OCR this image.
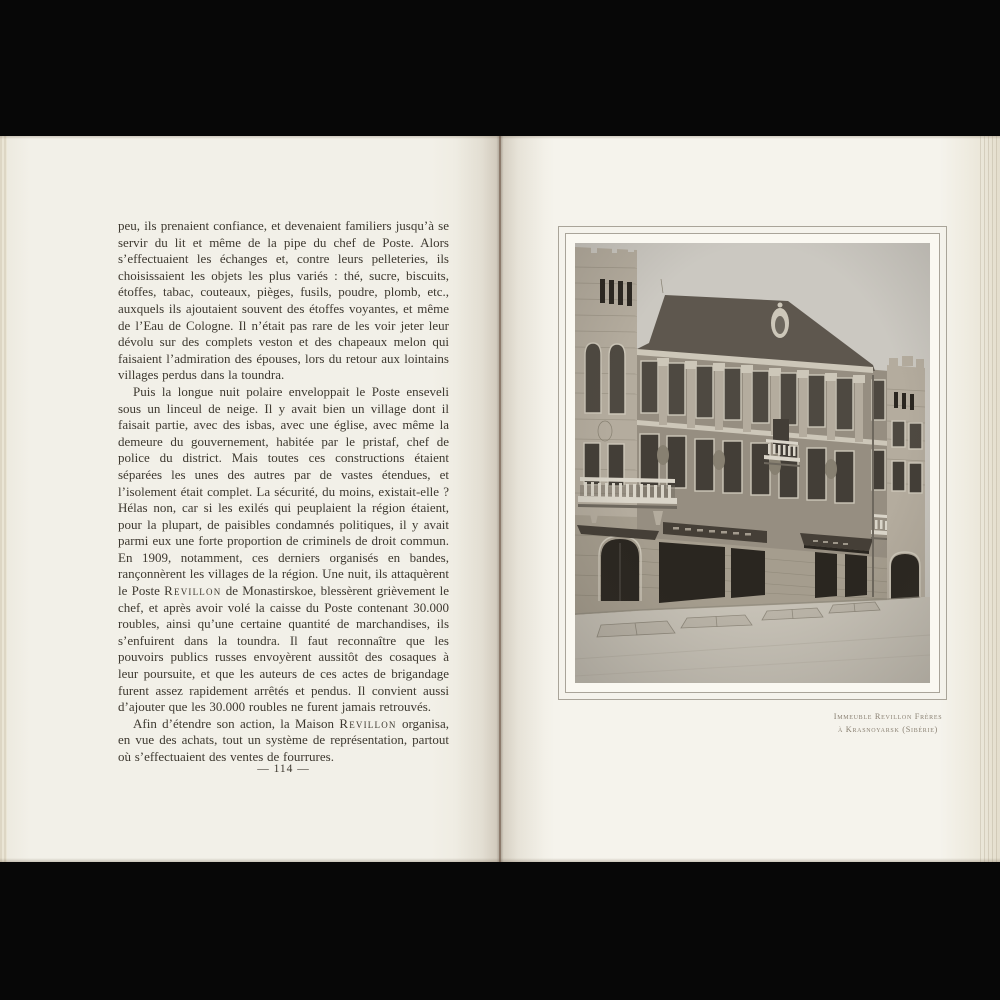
peu, ils prenaient confiance, et devenaient familiers jusqu’à se servir du lit et même de la pipe du chef de Poste. Alors s’effectuaient les échanges et, contre leurs pelleteries, ils choisissaient les objets les plus variés : thé, sucre, biscuits, étoffes, tabac, couteaux, pièges, fusils, poudre, plomb, etc., auxquels ils ajoutaient souvent des étoffes voyantes, et même de l’Eau de Cologne. Il n’était pas rare de les voir jeter leur dévolu sur des complets veston et des chapeaux melon qui faisaient l’admiration des épouses, lors du retour aux lointains villages perdus dans la toundra.

Puis la longue nuit polaire enveloppait le Poste enseveli sous un linceul de neige. Il y avait bien un village dont il faisait partie, avec des isbas, avec une église, avec même la demeure du gouvernement, habitée par le pristaf, chef de police du district. Mais toutes ces constructions étaient séparées les unes des autres par de vastes étendues, et l’isolement était complet. La sécurité, du moins, existait-elle ? Hélas non, car si les exilés qui peuplaient la région étaient, pour la plupart, de paisibles condamnés politiques, il y avait parmi eux une forte proportion de criminels de droit commun. En 1909, notamment, ces derniers organisés en bandes, rançonnèrent les villages de la région. Une nuit, ils attaquèrent le Poste Revillon de Monastirskoe, blessèrent grièvement le chef, et après avoir volé la caisse du Poste contenant 30.000 roubles, ainsi qu’une certaine quantité de marchandises, ils s’enfuirent dans la toundra. Il faut reconnaître que les pouvoirs publics russes envoyèrent aussitôt des cosaques à leur poursuite, et que les auteurs de ces actes de brigandage furent assez rapidement arrêtés et pendus. Il convient aussi d’ajouter que les 30.000 roubles ne furent jamais retrouvés.

Afin d’étendre son action, la Maison Revillon organisa, en vue des achats, tout un système de représentation, partout où s’effectuaient des ventes de fourrures.

— 114 —
Immeuble Revillon Frères
à Krasnoyarsk (Sibérie)
